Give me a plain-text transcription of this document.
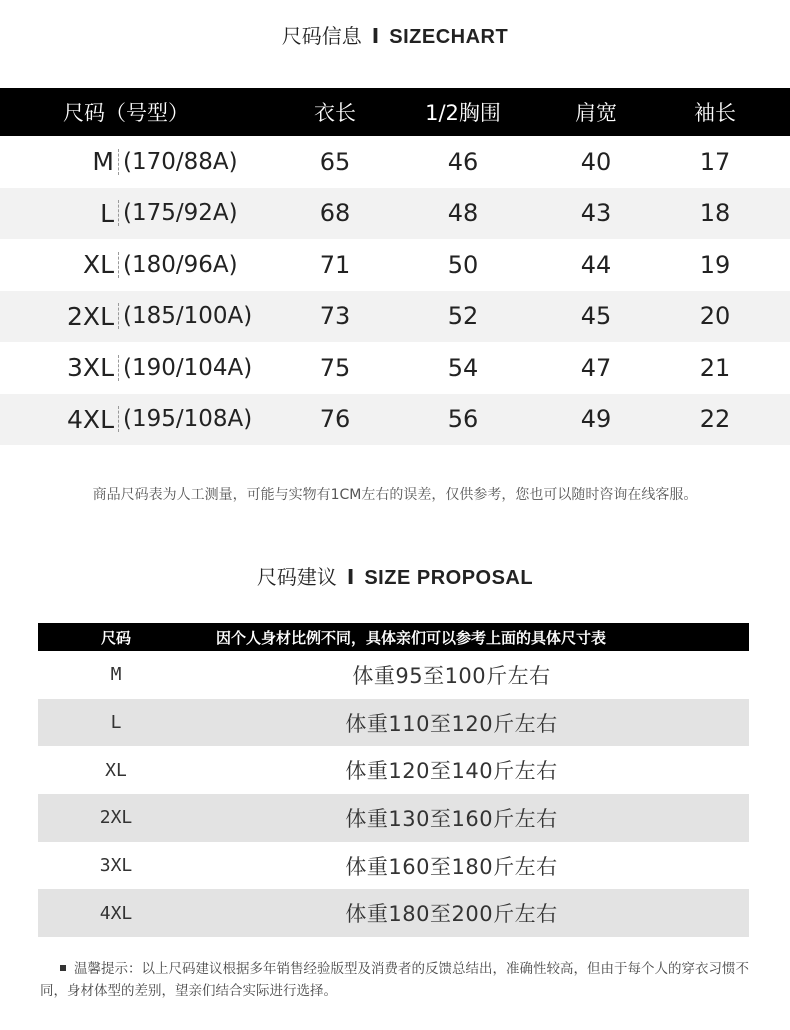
尺码信息 I SIZECHART
尺码（号型）	衣长	1/2胸围	肩宽	袖长
M (170/88A)	65	46	40	17
L (175/92A)	68	48	43	18
XL (180/96A)	71	50	44	19
2XL (185/100A)	73	52	45	20
3XL (190/104A)	75	54	47	21
4XL (195/108A)	76	56	49	22
商品尺码表为人工测量，可能与实物有1CM左右的误差，仅供参考，您也可以随时咨询在线客服。
尺码建议 I SIZE PROPOSAL
尺码	因个人身材比例不同，具体亲们可以参考上面的具体尺寸表
M	体重95至100斤左右
L	体重110至120斤左右
XL	体重120至140斤左右
2XL	体重130至160斤左右
3XL	体重160至180斤左右
4XL	体重180至200斤左右
温馨提示：以上尺码建议根据多年销售经验版型及消费者的反馈总结出，准确性较高，但由于每个人的穿衣习惯不同，身材体型的差别，望亲们结合实际进行选择。
